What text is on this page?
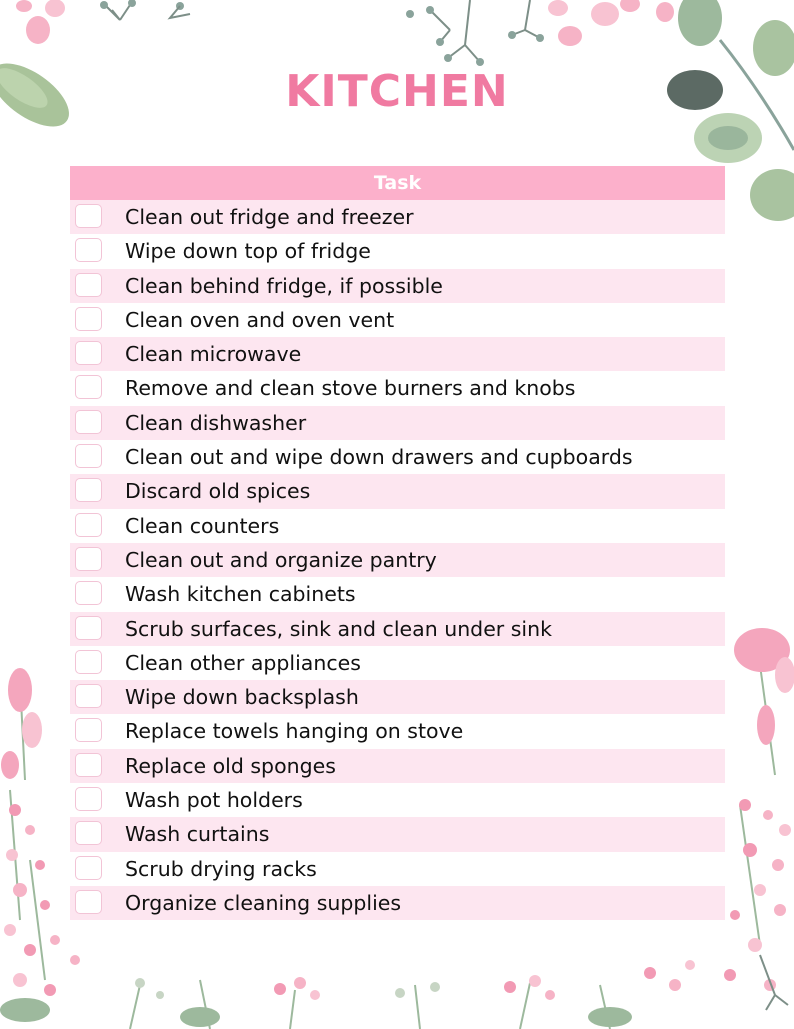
KITCHEN
Task
Clean out fridge and freezer
Wipe down top of fridge
Clean behind fridge, if possible
Clean oven and oven vent
Clean microwave
Remove and clean stove burners and knobs
Clean dishwasher
Clean out and wipe down drawers and cupboards
Discard old spices
Clean counters
Clean out and organize pantry
Wash kitchen cabinets
Scrub surfaces, sink and clean under sink
Clean other appliances
Wipe down backsplash
Replace towels hanging on stove
Replace old sponges
Wash pot holders
Wash curtains
Scrub drying racks
Organize cleaning supplies
